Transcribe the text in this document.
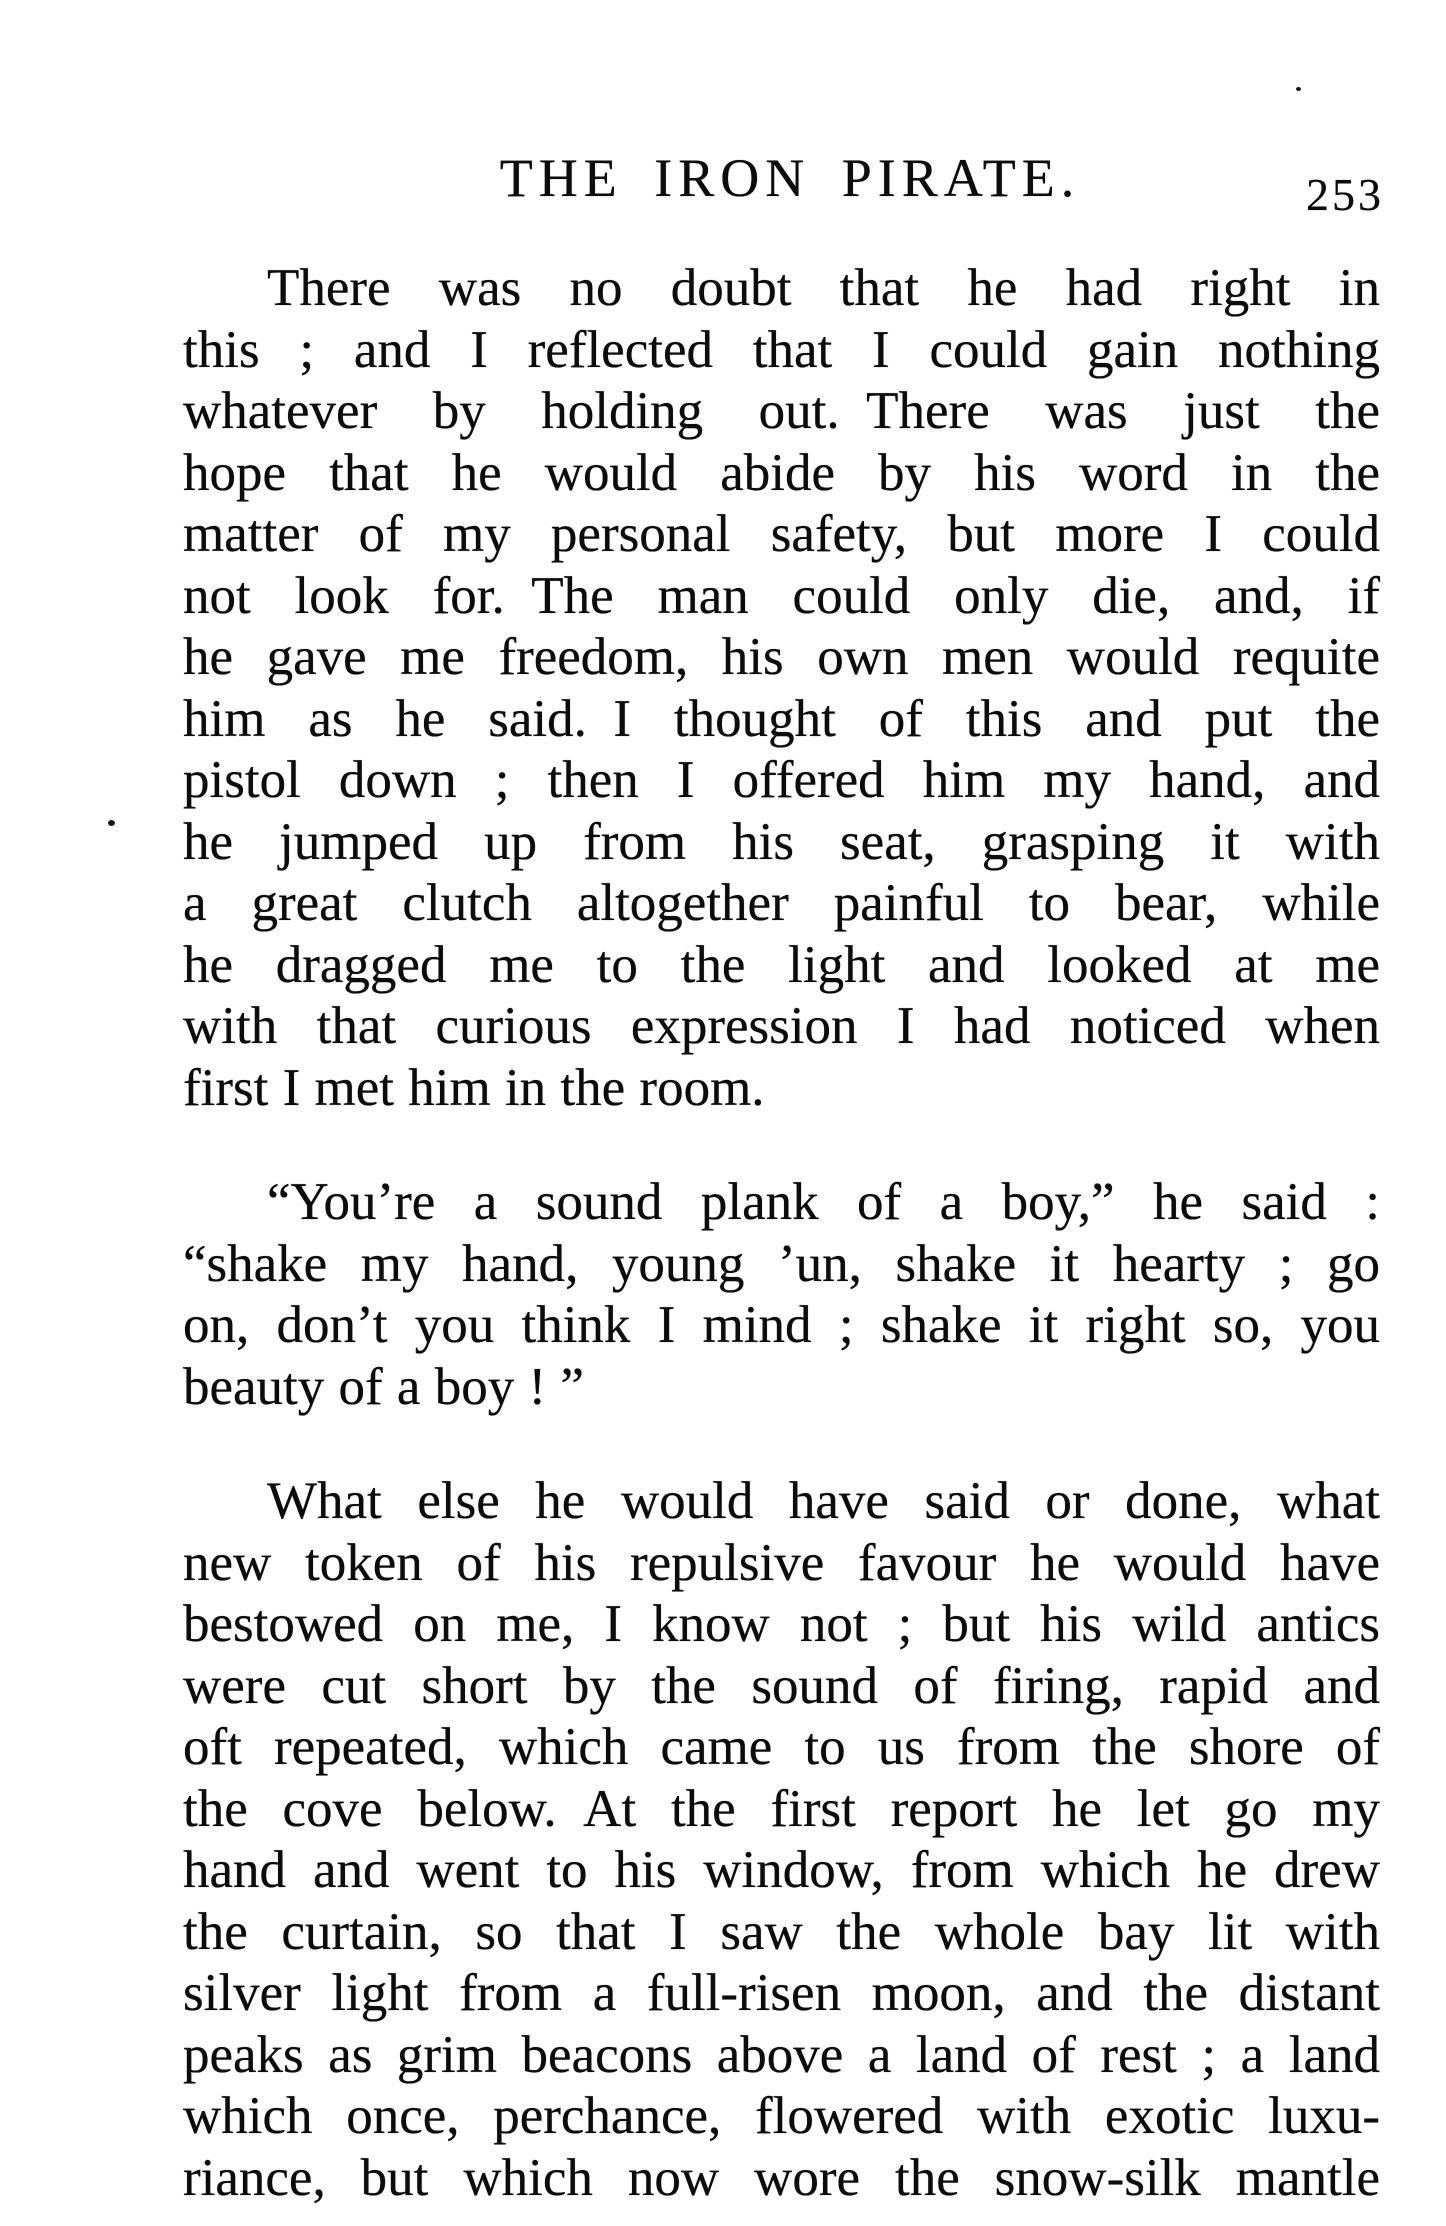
THE IRON PIRATE.	253

There was no doubt that he had right in
this ; and I reflected that I could gain nothing
whatever by holding out. There was just the
hope that he would abide by his word in the
matter of my personal safety, but more I could
not look for. The man could only die, and, if
he gave me freedom, his own men would requite
him as he said. I thought of this and put the
pistol down ; then I offered him my hand, and
he jumped up from his seat, grasping it with
a great clutch altogether painful to bear, while
he dragged me to the light and looked at me
with that curious expression I had noticed when
first I met him in the room.

“You’re a sound plank of a boy,” he said :
“shake my hand, young ’un, shake it hearty ; go
on, don’t you think I mind ; shake it right so, you
beauty of a boy ! ”

What else he would have said or done, what
new token of his repulsive favour he would have
bestowed on me, I know not ; but his wild antics
were cut short by the sound of firing, rapid and
oft repeated, which came to us from the shore of
the cove below. At the first report he let go my
hand and went to his window, from which he drew
the curtain, so that I saw the whole bay lit with
silver light from a full-risen moon, and the distant
peaks as grim beacons above a land of rest ; a land
which once, perchance, flowered with exotic luxu-
riance, but which now wore the snow-silk mantle
